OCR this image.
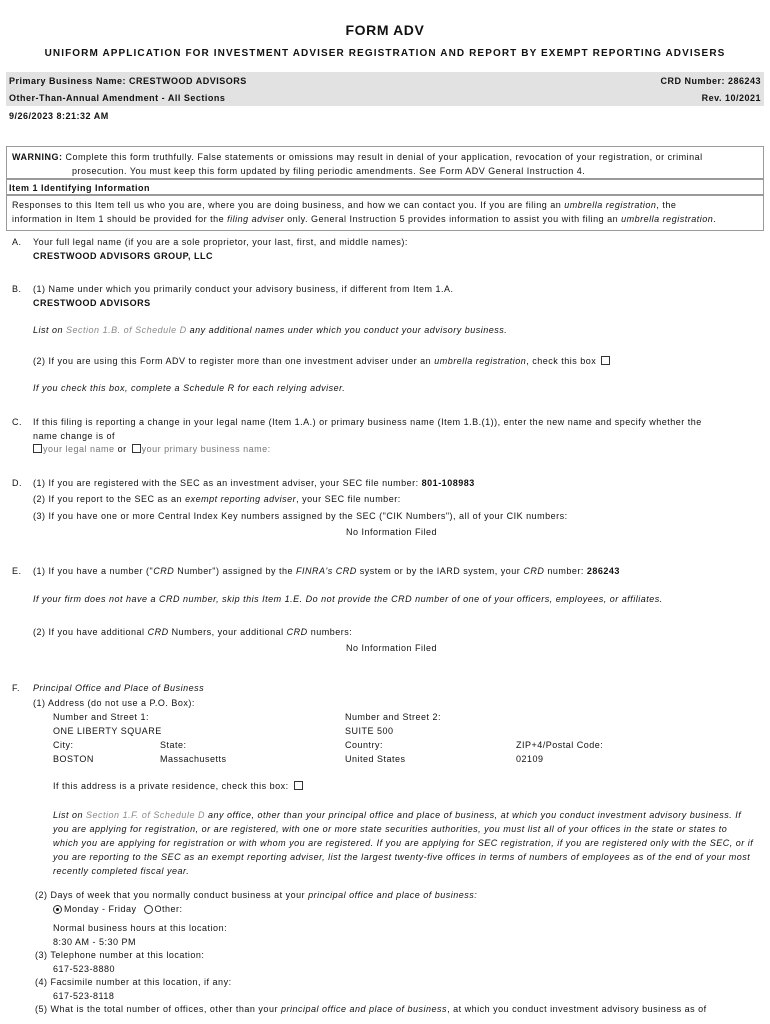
FORM ADV
UNIFORM APPLICATION FOR INVESTMENT ADVISER REGISTRATION AND REPORT BY EXEMPT REPORTING ADVISERS
Primary Business Name: CRESTWOOD ADVISORS	CRD Number: 286243
Other-Than-Annual Amendment - All Sections	Rev. 10/2021
9/26/2023 8:21:32 AM
WARNING: Complete this form truthfully. False statements or omissions may result in denial of your application, revocation of your registration, or criminal
prosecution. You must keep this form updated by filing periodic amendments. See Form ADV General Instruction 4.
Item 1 Identifying Information
Responses to this Item tell us who you are, where you are doing business, and how we can contact you. If you are filing an umbrella registration, the
information in Item 1 should be provided for the filing adviser only. General Instruction 5 provides information to assist you with filing an umbrella registration.
A. Your full legal name (if you are a sole proprietor, your last, first, and middle names):
CRESTWOOD ADVISORS GROUP, LLC
B. (1) Name under which you primarily conduct your advisory business, if different from Item 1.A.
CRESTWOOD ADVISORS
List on Section 1.B. of Schedule D any additional names under which you conduct your advisory business.
(2) If you are using this Form ADV to register more than one investment adviser under an umbrella registration, check this box
If you check this box, complete a Schedule R for each relying adviser.
C. If this filing is reporting a change in your legal name (Item 1.A.) or primary business name (Item 1.B.(1)), enter the new name and specify whether the
name change is of
your legal name or your primary business name:
D. (1) If you are registered with the SEC as an investment adviser, your SEC file number: 801-108983
(2) If you report to the SEC as an exempt reporting adviser, your SEC file number:
(3) If you have one or more Central Index Key numbers assigned by the SEC ("CIK Numbers"), all of your CIK numbers:
No Information Filed
E. (1) If you have a number ("CRD Number") assigned by the FINRA's CRD system or by the IARD system, your CRD number: 286243
If your firm does not have a CRD number, skip this Item 1.E. Do not provide the CRD number of one of your officers, employees, or affiliates.
(2) If you have additional CRD Numbers, your additional CRD numbers:
No Information Filed
F. Principal Office and Place of Business
(1) Address (do not use a P.O. Box):
Number and Street 1:	Number and Street 2:
ONE LIBERTY SQUARE	SUITE 500
City:	State:	Country:	ZIP+4/Postal Code:
BOSTON	Massachusetts	United States	02109
If this address is a private residence, check this box:
List on Section 1.F. of Schedule D any office, other than your principal office and place of business, at which you conduct investment advisory business. If you are applying for registration, or are registered, with one or more state securities authorities, you must list all of your offices in the state or states to which you are applying for registration or with whom you are registered. If you are applying for SEC registration, if you are registered only with the SEC, or if you are reporting to the SEC as an exempt reporting adviser, list the largest twenty-five offices in terms of numbers of employees as of the end of your most recently completed fiscal year.
(2) Days of week that you normally conduct business at your principal office and place of business:
Monday - Friday Other:
Normal business hours at this location:
8:30 AM - 5:30 PM
(3) Telephone number at this location:
617-523-8880
(4) Facsimile number at this location, if any:
617-523-8118
(5) What is the total number of offices, other than your principal office and place of business, at which you conduct investment advisory business as of
